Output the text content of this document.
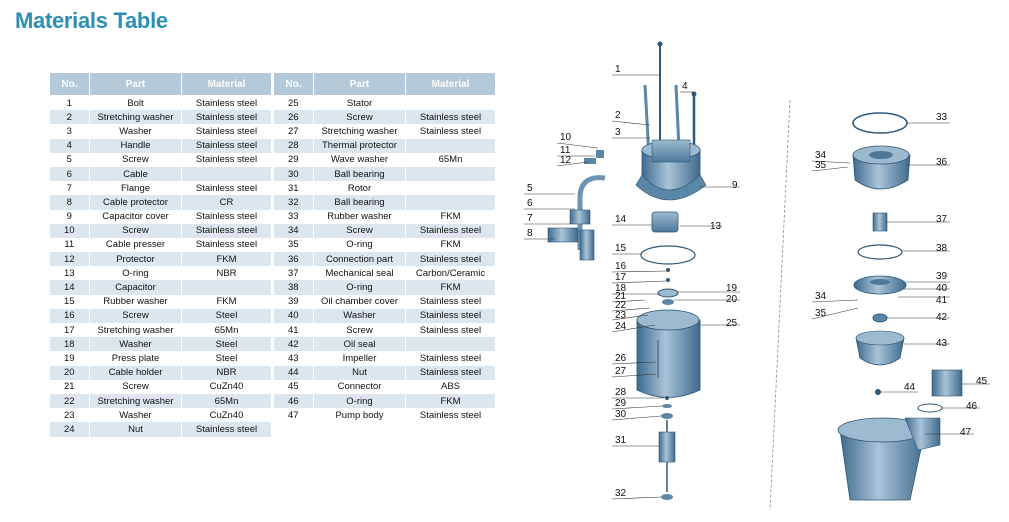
Materials Table
No.	Part	Material
1	Bolt	Stainless steel
2	Stretching washer	Stainless steel
3	Washer	Stainless steel
4	Handle	Stainless steel
5	Screw	Stainless steel
6	Cable	
7	Flange	Stainless steel
8	Cable protector	CR
9	Capacitor cover	Stainless steel
10	Screw	Stainless steel
11	Cable presser	Stainless steel
12	Protector	FKM
13	O-ring	NBR
14	Capacitor	
15	Rubber washer	FKM
16	Screw	Steel
17	Stretching washer	65Mn
18	Washer	Steel
19	Press plate	Steel
20	Cable holder	NBR
21	Screw	CuZn40
22	Stretching washer	65Mn
23	Washer	CuZn40
24	Nut	Stainless steel
No.	Part	Material
25	Stator	
26	Screw	Stainless steel
27	Stretching washer	Stainless steel
28	Thermal protector	
29	Wave washer	65Mn
30	Ball bearing	
31	Rotor	
32	Ball bearing	
33	Rubber washer	FKM
34	Screw	Stainless steel
35	O-ring	FKM
36	Connection part	Stainless steel
37	Mechanical seal	Carbon/Ceramic
38	O-ring	FKM
39	Oil chamber cover	Stainless steel
40	Washer	Stainless steel
41	Screw	Stainless steel
42	Oil seal	
43	Impeller	Stainless steel
44	Nut	Stainless steel
45	Connector	ABS
46	O-ring	FKM
47	Pump body	Stainless steel
1
2
3
4
5
6
7
8
9
10
11
12
13
14
15
16
17
18	19
20
21
22
23
24	25
26
27
28
29
30
31
32
33
34
35	36
37
38
39
40
41
42
43
44
45
46
47
34
35
